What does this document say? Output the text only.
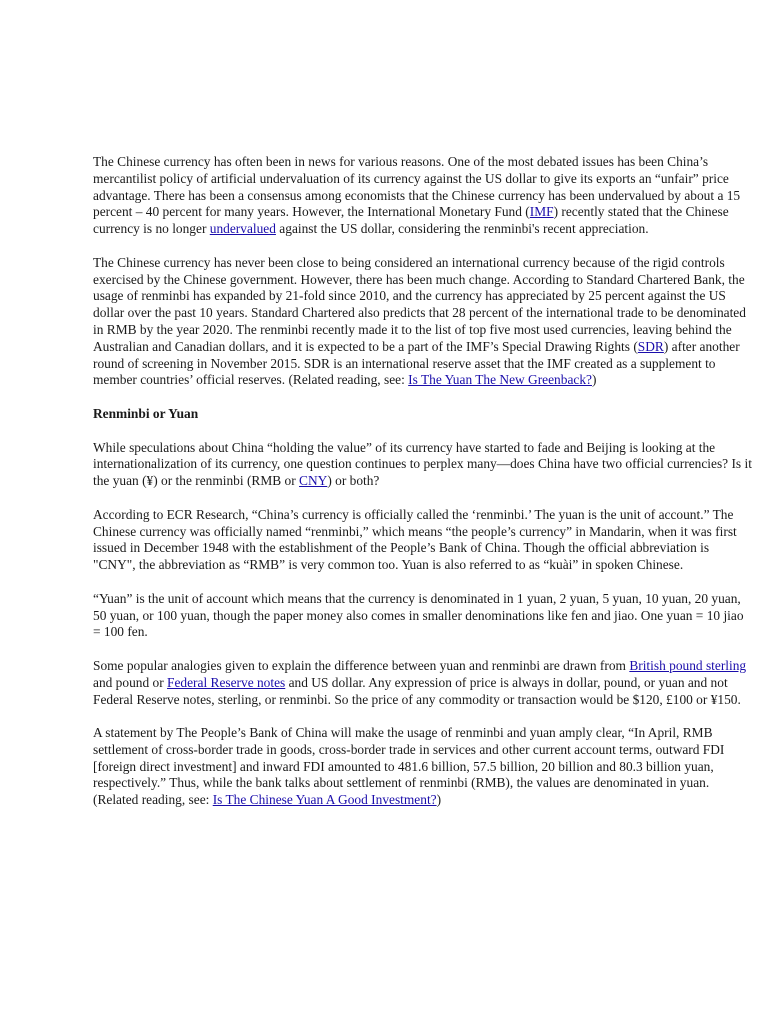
The Chinese currency has often been in news for various reasons. One of the most debated issues has been China’s mercantilist policy of artificial undervaluation of its currency against the US dollar to give its exports an “unfair” price advantage. There has been a consensus among economists that the Chinese currency has been undervalued by about a 15 percent – 40 percent for many years. However, the International Monetary Fund (IMF) recently stated that the Chinese currency is no longer undervalued against the US dollar, considering the renminbi's recent appreciation.

The Chinese currency has never been close to being considered an international currency because of the rigid controls exercised by the Chinese government. However, there has been much change. According to Standard Chartered Bank, the usage of renminbi has expanded by 21-fold since 2010, and the currency has appreciated by 25 percent against the US dollar over the past 10 years. Standard Chartered also predicts that 28 percent of the international trade to be denominated in RMB by the year 2020. The renminbi recently made it to the list of top five most used currencies, leaving behind the Australian and Canadian dollars, and it is expected to be a part of the IMF’s Special Drawing Rights (SDR) after another round of screening in November 2015. SDR is an international reserve asset that the IMF created as a supplement to member countries’ official reserves. (Related reading, see: Is The Yuan The New Greenback?)

Renminbi or Yuan

While speculations about China “holding the value” of its currency have started to fade and Beijing is looking at the internationalization of its currency, one question continues to perplex many—does China have two official currencies? Is it the yuan (¥) or the renminbi (RMB or CNY) or both?

According to ECR Research, “China’s currency is officially called the ‘renminbi.’ The yuan is the unit of account.” The Chinese currency was officially named “renminbi,” which means “the people’s currency” in Mandarin, when it was first issued in December 1948 with the establishment of the People’s Bank of China. Though the official abbreviation is "CNY", the abbreviation as “RMB” is very common too. Yuan is also referred to as “kuài” in spoken Chinese.

“Yuan” is the unit of account which means that the currency is denominated in 1 yuan, 2 yuan, 5 yuan, 10 yuan, 20 yuan, 50 yuan, or 100 yuan, though the paper money also comes in smaller denominations like fen and jiao. One yuan = 10 jiao = 100 fen.

Some popular analogies given to explain the difference between yuan and renminbi are drawn from British pound sterling and pound or Federal Reserve notes and US dollar. Any expression of price is always in dollar, pound, or yuan and not Federal Reserve notes, sterling, or renminbi. So the price of any commodity or transaction would be $120, £100 or ¥150.

A statement by The People’s Bank of China will make the usage of renminbi and yuan amply clear, “In April, RMB settlement of cross-border trade in goods, cross-border trade in services and other current account terms, outward FDI [foreign direct investment] and inward FDI amounted to 481.6 billion, 57.5 billion, 20 billion and 80.3 billion yuan, respectively.” Thus, while the bank talks about settlement of renminbi (RMB), the values are denominated in yuan. (Related reading, see: Is The Chinese Yuan A Good Investment?)
